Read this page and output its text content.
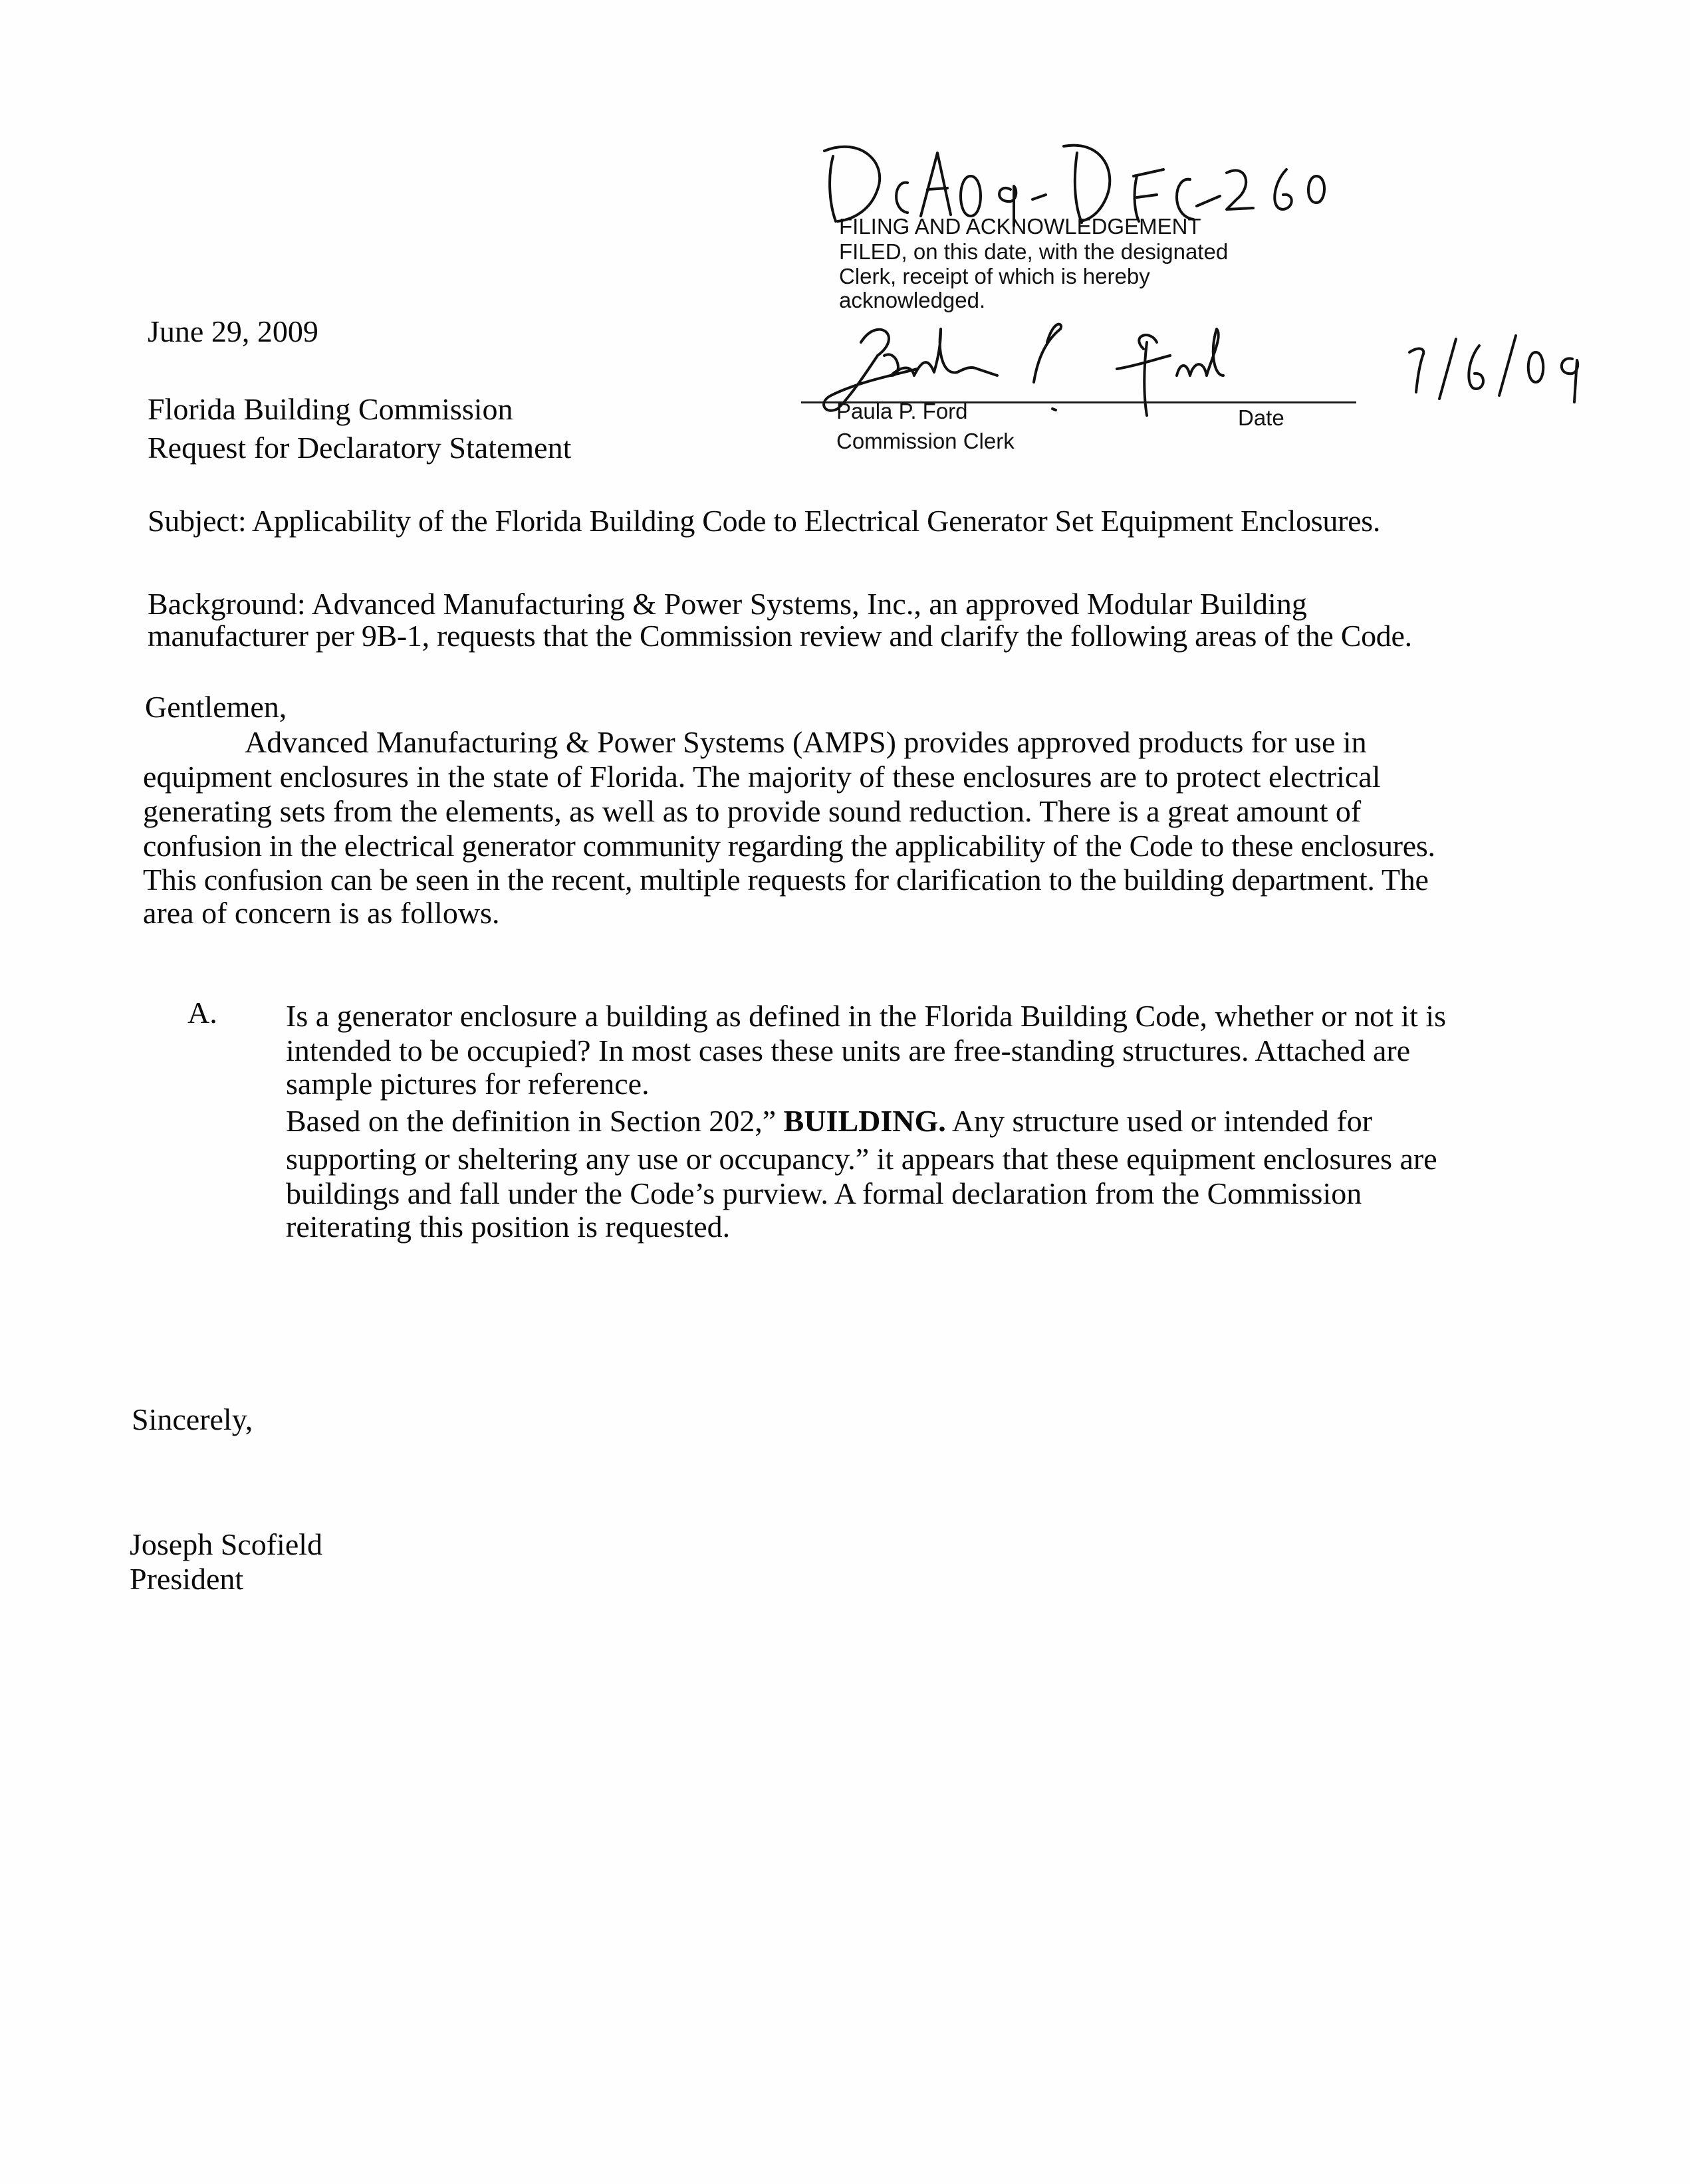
FILING AND ACKNOWLEDGEMENT
FILED, on this date, with the designated
Clerk, receipt of which is hereby
acknowledged.
Paula P. Ford	Date
Commission Clerk
June 29, 2009
Florida Building Commission
Request for Declaratory Statement
Subject: Applicability of the Florida Building Code to Electrical Generator Set Equipment Enclosures.
Background: Advanced Manufacturing & Power Systems, Inc., an approved Modular Building
manufacturer per 9B-1, requests that the Commission review and clarify the following areas of the Code.
Gentlemen,
Advanced Manufacturing & Power Systems (AMPS) provides approved products for use in
equipment enclosures in the state of Florida. The majority of these enclosures are to protect electrical
generating sets from the elements, as well as to provide sound reduction. There is a great amount of
confusion in the electrical generator community regarding the applicability of the Code to these enclosures.
This confusion can be seen in the recent, multiple requests for clarification to the building department. The
area of concern is as follows.
A. Is a generator enclosure a building as defined in the Florida Building Code, whether or not it is
intended to be occupied? In most cases these units are free-standing structures. Attached are
sample pictures for reference.
Based on the definition in Section 202,” BUILDING. Any structure used or intended for
supporting or sheltering any use or occupancy.” it appears that these equipment enclosures are
buildings and fall under the Code’s purview. A formal declaration from the Commission
reiterating this position is requested.
Sincerely,
Joseph Scofield
President
